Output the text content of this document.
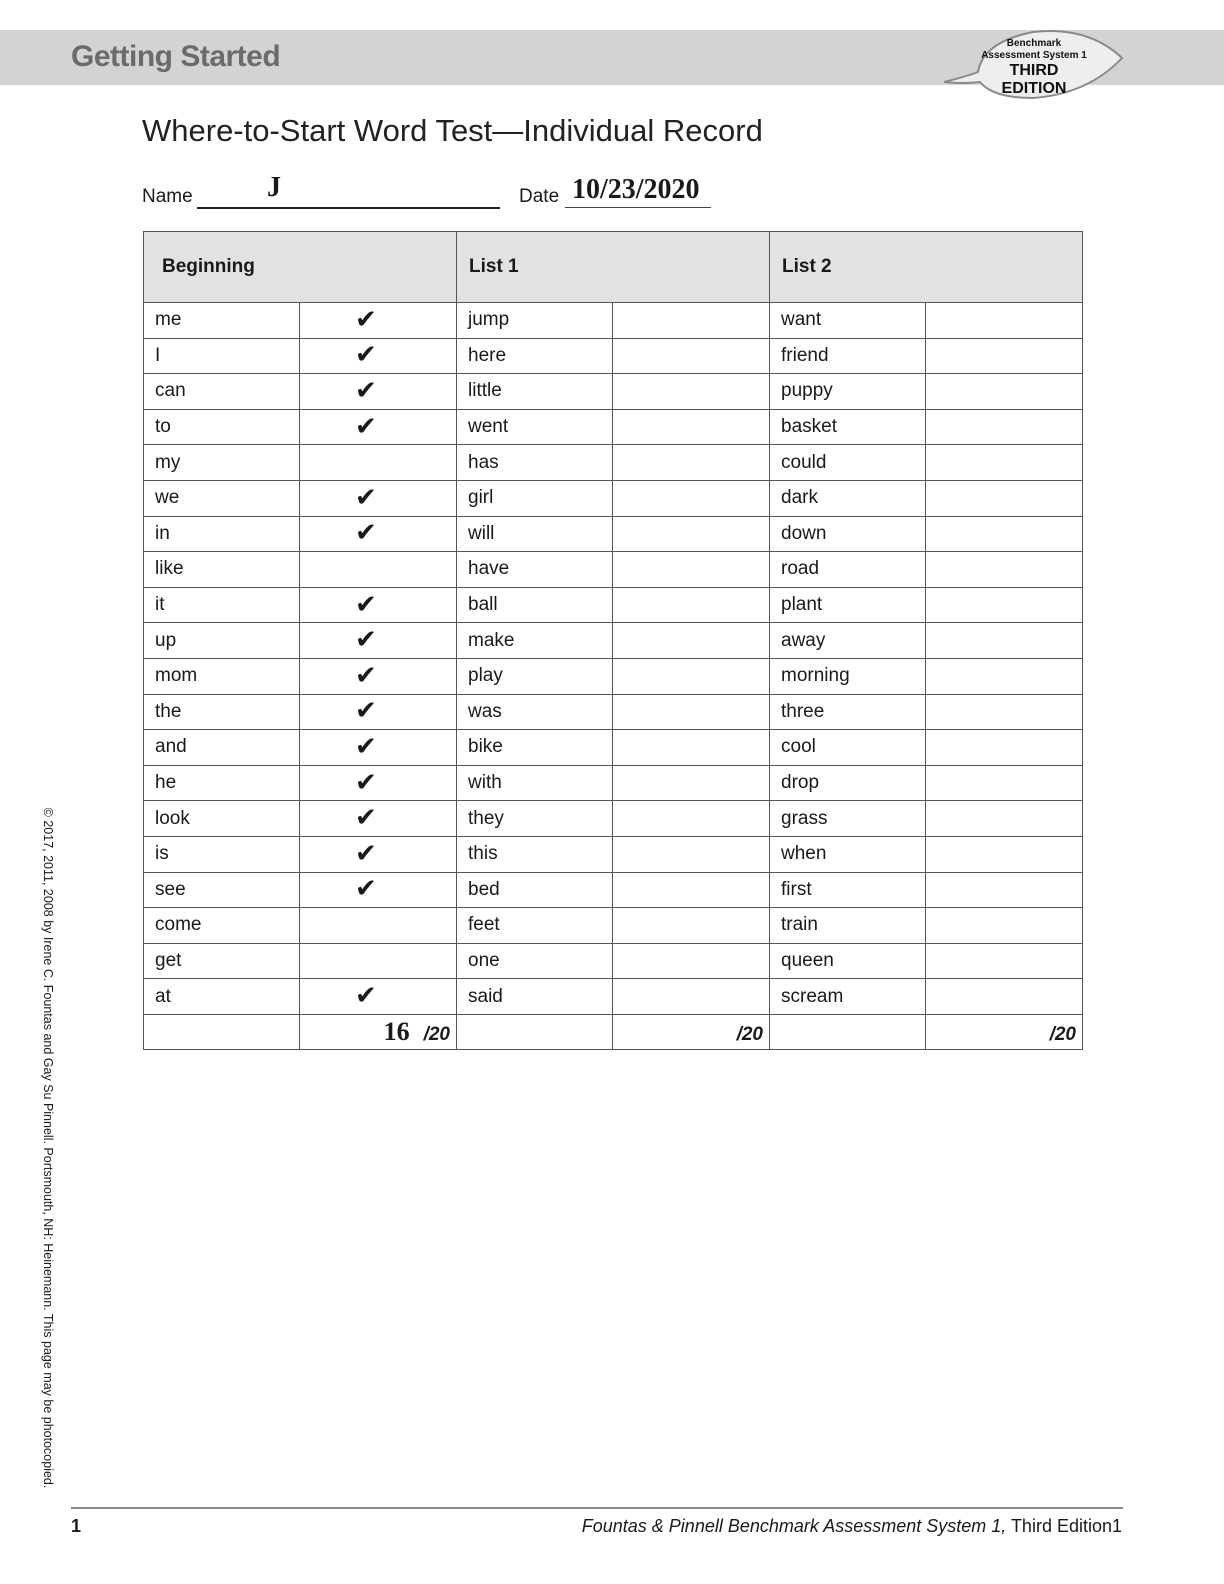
Getting Started	Benchmark
Assessment System 1
THIRD EDITION
Where-to-Start Word Test—Individual Record
Name	J	Date 10/23/2020
Beginning		List 1		List 2	

me	✔	jump		want	
I	✔	here		friend	
can	✔	little		puppy	
to	✔	went		basket	
my		has		could	
we	✔	girl		dark	
in	✔	will		down	
like		have		road	
it	✔	ball		plant	
up	✔	make		away	
mom	✔	play		morning	
the	✔	was		three	
and	✔	bike		cool	
he	✔	with		drop	
look	✔	they		grass	
is	✔	this		when	
see	✔	bed		first	
come		feet		train	
get		one		queen	
at	✔	said		scream	
	16 /20		/20		/20
© 2017, 2011, 2008 by Irene C. Fountas and Gay Su Pinnell. Portsmouth, NH: Heinemann. This page may be photocopied.
1	Fountas & Pinnell Benchmark Assessment System 1, Third Edition1
